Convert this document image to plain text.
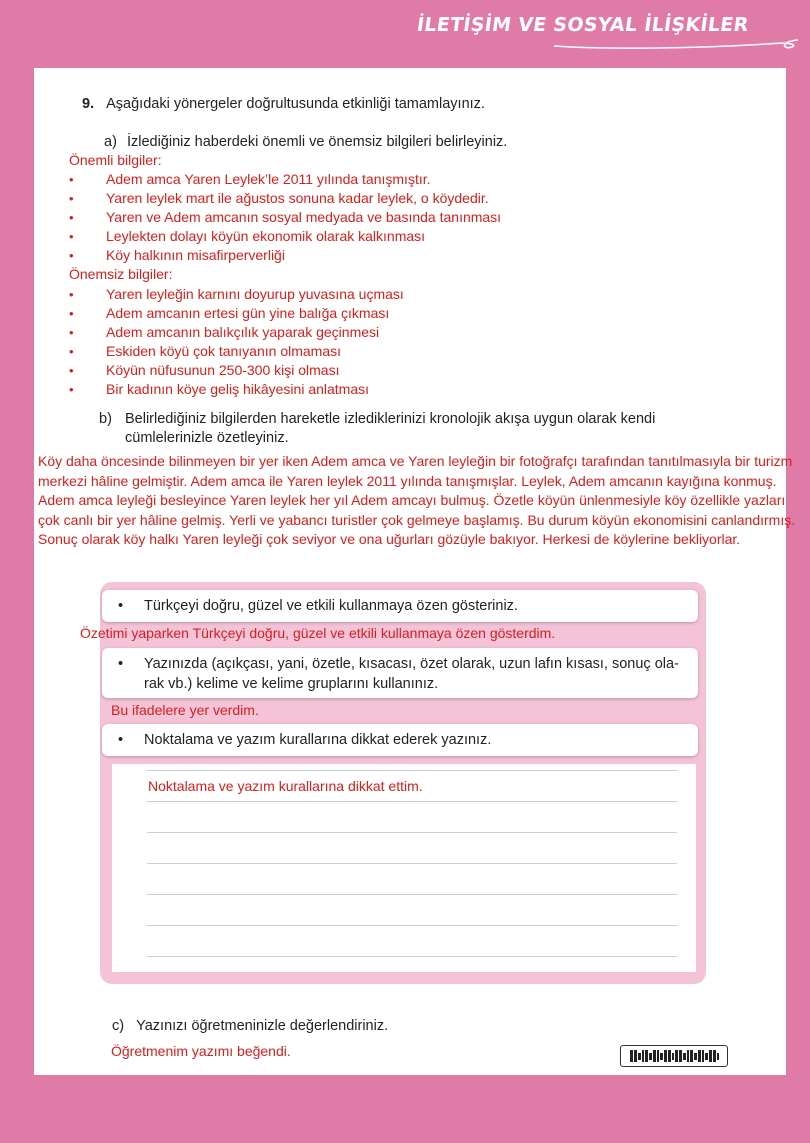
İLETİŞİM VE SOSYAL İLİŞKİLER
9. Aşağıdaki yönergeler doğrultusunda etkinliği tamamlayınız.
a) İzlediğiniz haberdeki önemli ve önemsiz bilgileri belirleyiniz.
Önemli bilgiler:
• Adem amca Yaren Leylek’le 2011 yılında tanışmıştır.
• Yaren leylek mart ile ağustos sonuna kadar leylek, o köydedir.
• Yaren ve Adem amcanın sosyal medyada ve basında tanınması
• Leylekten dolayı köyün ekonomik olarak kalkınması
• Köy halkının misafirperverliği
Önemsiz bilgiler:
• Yaren leyleğin karnını doyurup yuvasına uçması
• Adem amcanın ertesi gün yine balığa çıkması
• Adem amcanın balıkçılık yaparak geçinmesi
• Eskiden köyü çok tanıyanın olmaması
• Köyün nüfusunun 250-300 kişi olması
• Bir kadının köye geliş hikâyesini anlatması
b) Belirlediğiniz bilgilerden hareketle izlediklerinizi kronolojik akışa uygun olarak kendi
cümlelerinizle özetleyiniz.
Köy daha öncesinde bilinmeyen bir yer iken Adem amca ve Yaren leyleğin bir fotoğrafçı tarafından tanıtılmasıyla bir turizm merkezi hâline gelmiştir. Adem amca ile Yaren leylek 2011 yılında tanışmışlar. Leylek, Adem amcanın kayığına konmuş. Adem amca leyleği besleyince Yaren leylek her yıl Adem amcayı bulmuş. Özetle köyün ünlenmesiyle köy özellikle yazları çok canlı bir yer hâline gelmiş. Yerli ve yabancı turistler çok gelmeye başlamış. Bu durum köyün ekonomisini canlandırmış. Sonuç olarak köy halkı Yaren leyleği çok seviyor ve ona uğurları gözüyle bakıyor. Herkesi de köylerine bekliyorlar.
• Türkçeyi doğru, güzel ve etkili kullanmaya özen gösteriniz.
Özetimi yaparken Türkçeyi doğru, güzel ve etkili kullanmaya özen gösterdim.
• Yazınızda (açıkçası, yani, özetle, kısacası, özet olarak, uzun lafın kısası, sonuç ola-
rak vb.) kelime ve kelime gruplarını kullanınız.
Bu ifadelere yer verdim.
• Noktalama ve yazım kurallarına dikkat ederek yazınız.
Noktalama ve yazım kurallarına dikkat ettim.
c) Yazınızı öğretmeninizle değerlendiriniz.
Öğretmenim yazımı beğendi.
